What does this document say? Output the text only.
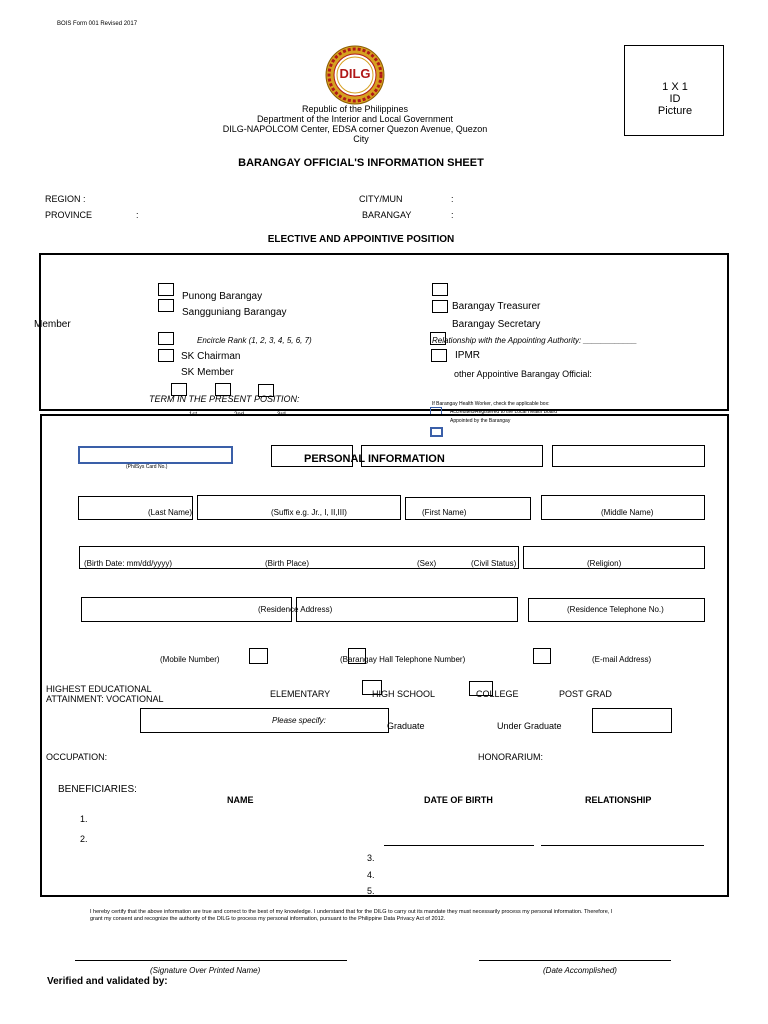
BOIS Form 001 Revised 2017
DILG
Republic of the Philippines
Department of the Interior and Local Government
DILG-NAPOLCOM Center, EDSA corner Quezon Avenue, Quezon
City
1 X 1
ID
Picture
BARANGAY OFFICIAL'S INFORMATION SHEET
REGION :
PROVINCE	:
CITY/MUN	:
BARANGAY	:
ELECTIVE AND APPOINTIVE POSITION
Punong Barangay
Sangguniang Barangay
Member
Encircle Rank (1, 2, 3, 4, 5, 6, 7)
SK Chairman
SK Member
TERM IN THE PRESENT POSITION:
1st	2nd	3rd
Barangay Treasurer
Barangay Secretary
Relationship with the Appointing Authority: ____________
IPMR
other Appointive Barangay Official:
If Barangay Health Worker, check the applicable box:
Accredited/Registered to the Local Health Board
Appointed by the Barangay
(PhilSys Card No.)
PERSONAL INFORMATION
(Last Name)	(Suffix e.g. Jr., I, II,III)	(First Name)	(Middle Name)
(Birth Date: mm/dd/yyyy)	(Birth Place)	(Sex)	(Civil Status)	(Religion)
(Residence Address)	(Residence Telephone No.)
(Mobile Number)	(Barangay Hall Telephone Number)	(E-mail Address)
HIGHEST EDUCATIONAL
ATTAINMENT: VOCATIONAL	ELEMENTARY	HIGH SCHOOL	COLLEGE	POST GRAD
Please specify:
Graduate	Under Graduate
OCCUPATION:	HONORARIUM:
BENEFICIARIES:
NAME	DATE OF BIRTH	RELATIONSHIP
1.
2.
3.
4.
5.
I hereby certify that the above information are true and correct to the best of my knowledge. I understand that for the DILG to carry out its mandate they must necessarily process my personal information. Therefore, I
grant my consent and recognize the authority of the DILG to process my personal information, pursuant to the Philippine Data Privacy Act of 2012.
(Signature Over Printed Name)	(Date Accomplished)
Verified and validated by:
